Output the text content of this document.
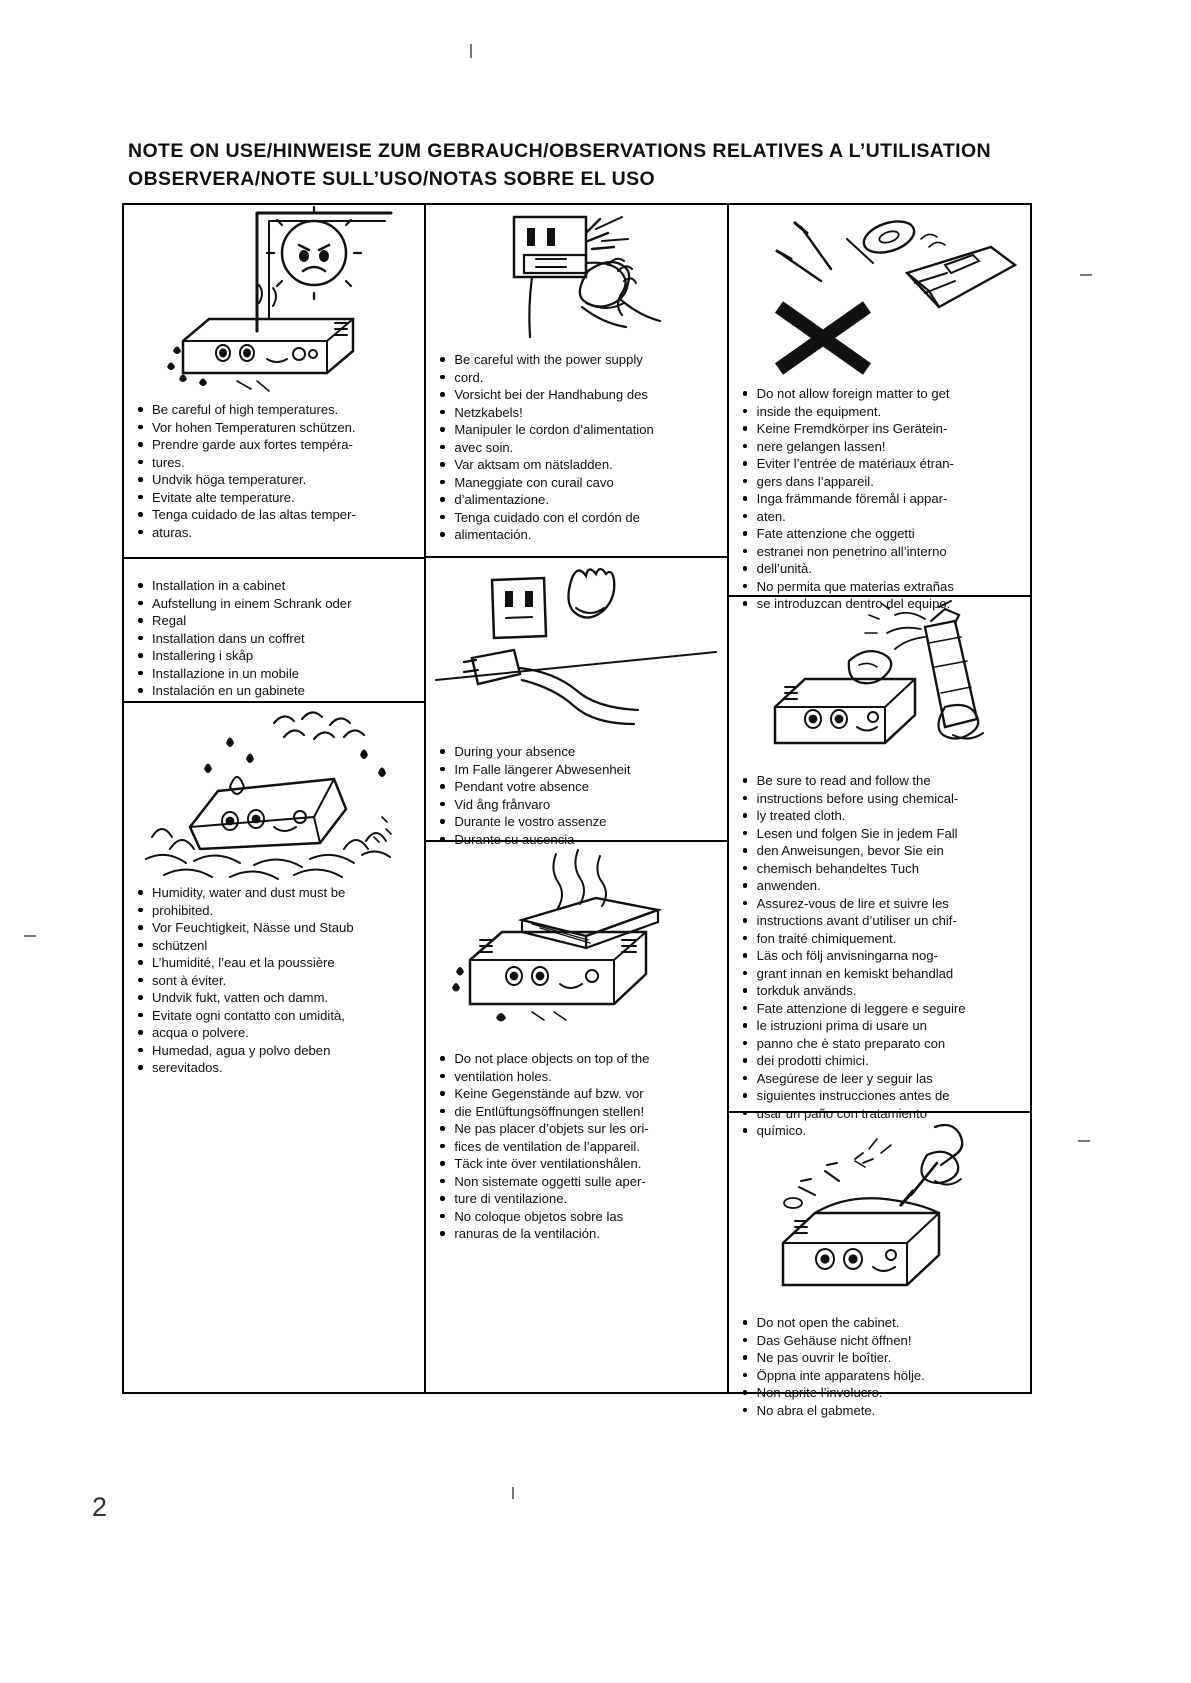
NOTE ON USE/HINWEISE ZUM GEBRAUCH/OBSERVATIONS RELATIVES A L’UTILISATION
OBSERVERA/NOTE SULL’USO/NOTAS SOBRE EL USO
Be careful of high temperatures.
Vor hohen Temperaturen schützen.
Prendre garde aux fortes tempéra-
tures.
Undvik höga temperaturer.
Evitate alte temperature.
Tenga cuidado de las altas temper-
aturas.
Installation in a cabinet
Aufstellung in einem Schrank oder
Regal
Installation dans un coffret
Installering i skåp
Installazione in un mobile
Instalación en un gabinete
Humidity, water and dust must be
prohibited.
Vor Feuchtigkeit, Nässe und Staub
schützenl
L’humidité, l’eau et la poussière
sont à éviter.
Undvik fukt, vatten och damm.
Evitate ogni contatto con umidità,
acqua o polvere.
Humedad, agua y polvo deben
serevitados.
Be careful with the power supply
cord.
Vorsicht bei der Handhabung des
Netzkabels!
Manipuler le cordon d’alimentation
avec soin.
Var aktsam om nätsladden.
Maneggiate con curail cavo
d’alimentazione.
Tenga cuidado con el cordón de
alimentación.
During your absence
Im Falle längerer Abwesenheit
Pendant votre absence
Vid ång frånvaro
Durante le vostro assenze
Durante su ausencia
Do not place objects on top of the
ventilation holes.
Keine Gegenstände auf bzw. vor
die Entlüftungsöffnungen stellen!
Ne pas placer d’objets sur les ori-
fices de ventilation de l’appareil.
Täck inte över ventilationshålen.
Non sistemate oggetti sulle aper-
ture di ventilazione.
No coloque objetos sobre las
ranuras de la ventilación.
Do not allow foreign matter to get
inside the equipment.
Keine Fremdkörper ins Gerätein-
nere gelangen lassen!
Eviter l’entrée de matériaux étran-
gers dans l’appareil.
Inga främmande föremål i appar-
aten.
Fate attenzione che oggetti
estranei non penetrino all’interno
dell’unità.
No permita que materias extrañas
se introduzcan dentro del equipo.
Be sure to read and follow the
instructions before using chemical-
ly treated cloth.
Lesen und folgen Sie in jedem Fall
den Anweisungen, bevor Sie ein
chemisch behandeltes Tuch
anwenden.
Assurez-vous de lire et suivre les
instructions avant d’utiliser un chif-
fon traité chimiquement.
Läs och följ anvisningarna nog-
grant innan en kemiskt behandlad
torkduk används.
Fate attenzione di leggere e seguire
le istruzioni prima di usare un
panno che è stato preparato con
dei prodotti chimici.
Asegúrese de leer y seguir las
siguientes instrucciones antes de
usar un paño con tratamiento
químico.
Do not open the cabinet.
Das Gehäuse nicht öffnen!
Ne pas ouvrir le boîtier.
Öppna inte apparatens hölje.
Non aprite l’involucro.
No abra el gabmete.
2
